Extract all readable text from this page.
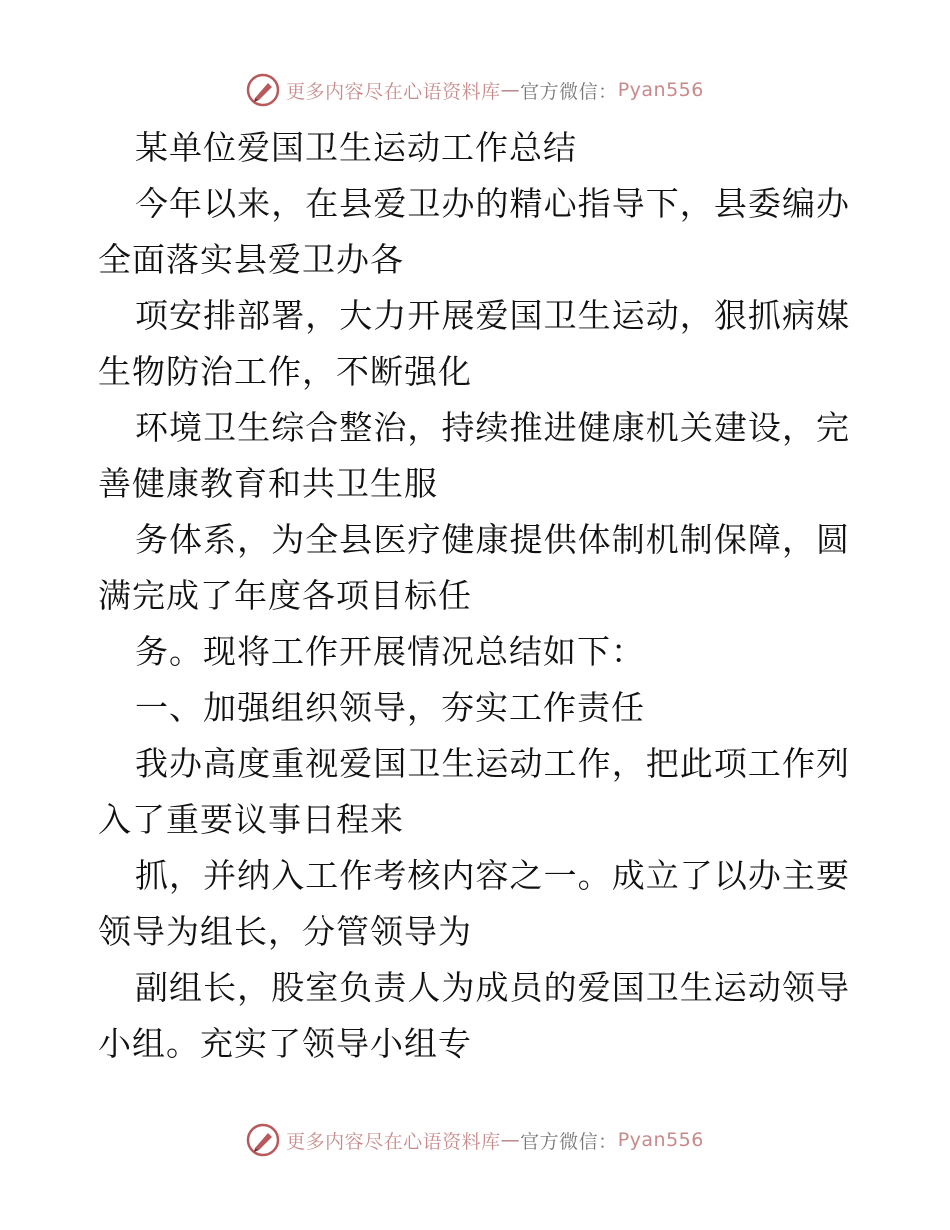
更多内容尽在心语资料库 — 官方微信： Pyan556
某单位爱国卫生运动工作总结
今年以来，在县爱卫办的精心指导下，县委编办
全面落实县爱卫办各
项安排部署，大力开展爱国卫生运动，狠抓病媒
生物防治工作，不断强化
环境卫生综合整治，持续推进健康机关建设，完
善健康教育和共卫生服
务体系，为全县医疗健康提供体制机制保障，圆
满完成了年度各项目标任
务。现将工作开展情况总结如下：
一、加强组织领导，夯实工作责任
我办高度重视爱国卫生运动工作，把此项工作列
入了重要议事日程来
抓，并纳入工作考核内容之一。成立了以办主要
领导为组长，分管领导为
副组长，股室负责人为成员的爱国卫生运动领导
小组。充实了领导小组专
更多内容尽在心语资料库 — 官方微信： Pyan556
